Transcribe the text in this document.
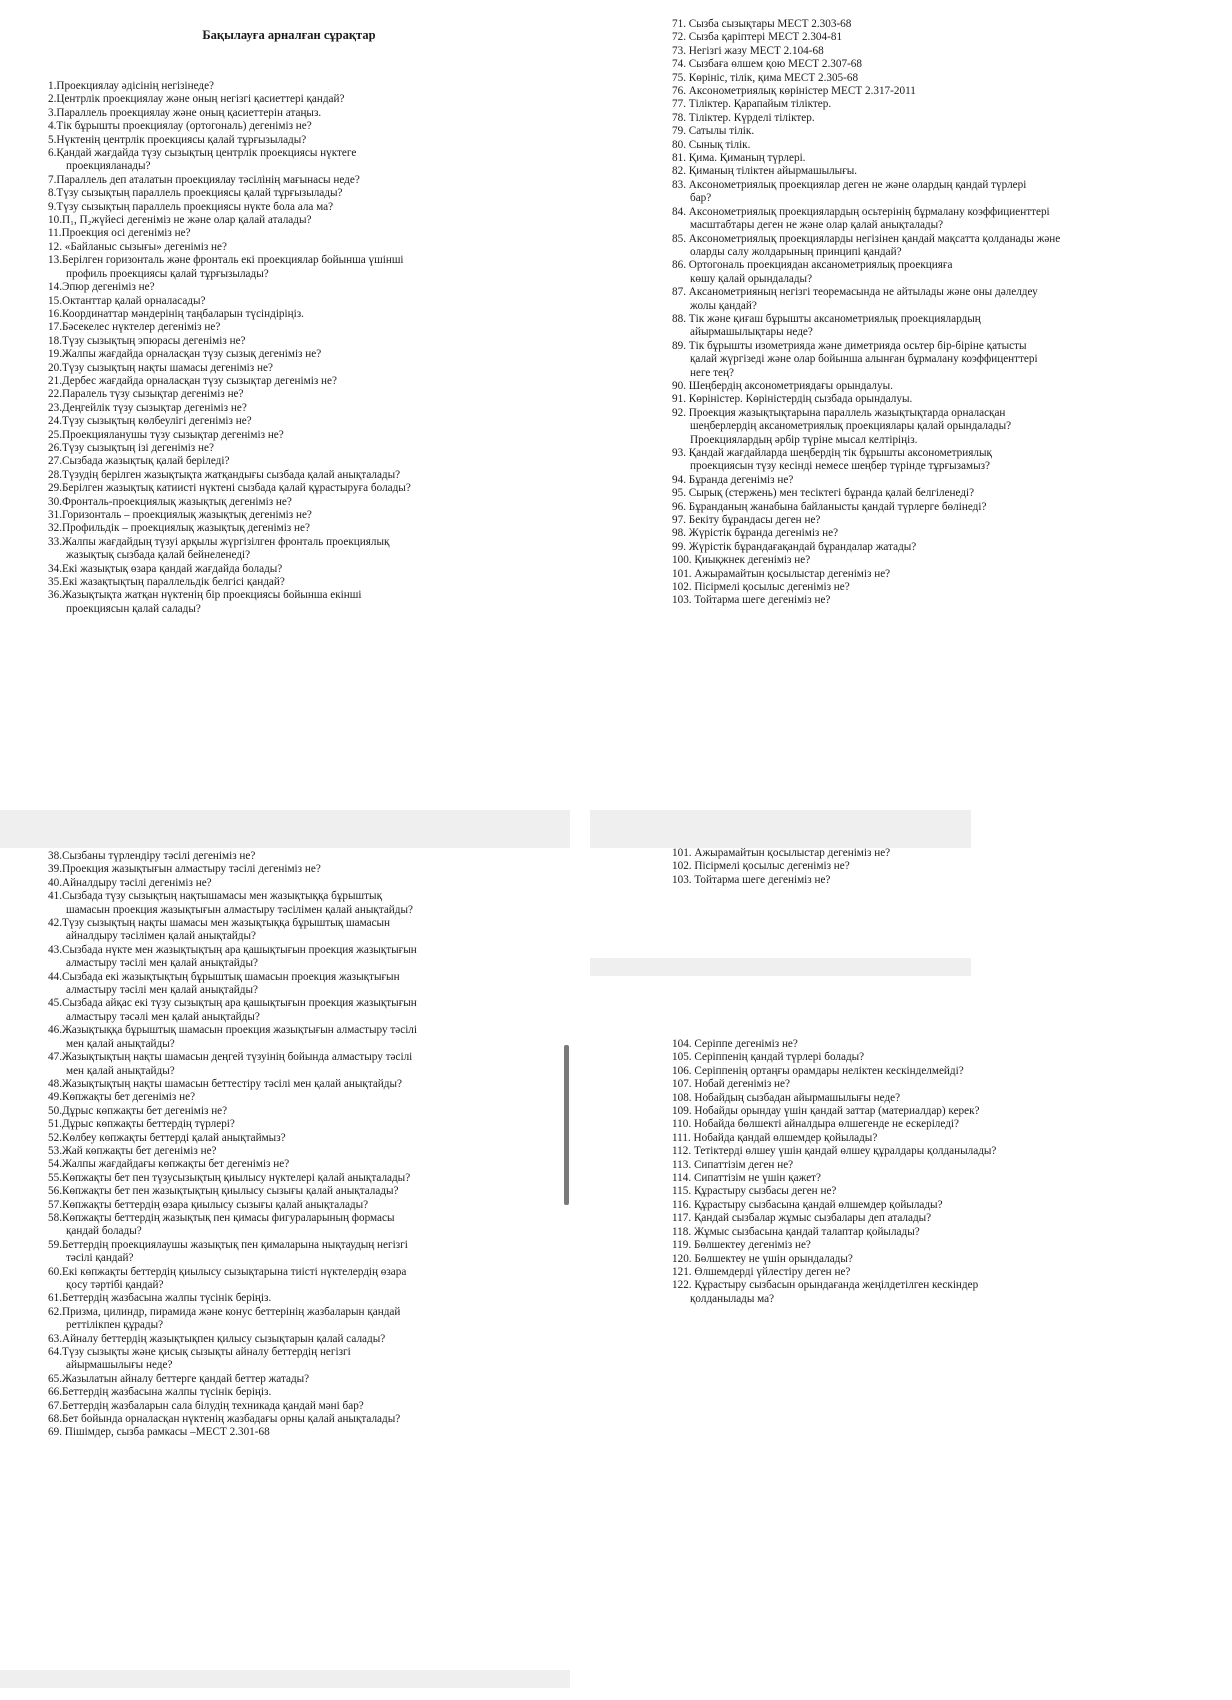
Бақылауға арналған сұрақтар
1.Проекциялау әдісінің негізінеде?
2.Центрлік проекциялау және оның негізгі қасиеттері қандай?
3.Параллель проекциялау және оның қасиеттерін атаңыз.
4.Тік бұрышты проекциялау (ортогональ) дегеніміз не?
5.Нүктенің центрлік проекциясы қалай тұрғызылады?
6.Қандай жағдайда түзу сызықтың центрлік проекциясы нүктеге
проекцияланады?
7.Параллель деп аталатын проекциялау тәсілінің мағынасы неде?
8.Түзу сызықтың параллель проекциясы қалай тұрғызылады?
9.Түзу сызықтың параллель проекциясы нүкте бола ала ма?
10.П₁, П₂жүйесі дегеніміз не және олар қалай аталады?
11.Проекция осі дегеніміз не?
12. «Байланыс сызығы» дегеніміз не?
13.Берілген горизонталь және фронталь екі проекциялар бойынша үшінші
профиль проекциясы қалай тұрғызылады?
14.Эпюр дегеніміз не?
15.Октанттар қалай орналасады?
16.Координаттар мәндерінің таңбаларын түсіндіріңіз.
17.Бәсекелес нүктелер дегеніміз не?
18.Түзу сызықтың эпюрасы дегеніміз не?
19.Жалпы жағдайда орналасқан түзу сызық дегеніміз не?
20.Түзу сызықтың нақты шамасы дегеніміз не?
21.Дербес жағдайда орналасқан түзу сызықтар дегеніміз не?
22.Паралель түзу сызықтар дегеніміз не?
23.Деңгейлік түзу сызықтар дегеніміз не?
24.Түзу сызықтың көлбеулігі дегеніміз не?
25.Проекцияланушы түзу сызықтар дегеніміз не?
26.Түзу сызықтың ізі дегеніміз не?
27.Сызбада жазықтық қалай беріледі?
28.Түзудің берілген жазықтықта жатқандығы сызбада қалай анықталады?
29.Берілген жазықтық катиисті нүктені сызбада қалай құрастыруға болады?
30.Фронталь-проекциялық жазықтық дегеніміз не?
31.Горизонталь – проекциялық жазықтық дегеніміз не?
32.Профильдік – проекциялық жазықтық дегеніміз не?
33.Жалпы жағдайдың түзуі арқылы жүргізілген фронталь проекциялық
жазықтық сызбада қалай бейнеленеді?
34.Екі жазықтық өзара қандай жағдайда болады?
35.Екі жазақтықтың параллельдік белгісі қандай?
36.Жазықтықта жатқан нүктенің бір проекциясы бойынша екінші
проекциясын қалай салады?
71. Сызба сызықтары МЕСТ 2.303-68
72. Сызба қаріптері МЕСТ 2.304-81
73. Негізгі жазу МЕСТ 2.104-68
74. Сызбаға өлшем қою МЕСТ 2.307-68
75. Көрініс, тілік, қима МЕСТ 2.305-68
76. Аксонометриялық көріністер МЕСТ 2.317-2011
77. Тіліктер. Қарапайым тіліктер.
78. Тіліктер. Күрделі тіліктер.
79. Сатылы тілік.
80. Сынық тілік.
81. Қима. Қиманың түрлері.
82. Қиманың тіліктен айырмашылығы.
83. Аксонометриялық проекциялар деген не және олардың қандай түрлері
бар?
84. Аксонометриялық проекциялардың осьтерінің бұрмалану коэффициенттері
масштабтары деген не және олар қалай анықталады?
85. Аксонометриялық проекцияларды негізінен қандай мақсатта қолданады және
оларды салу жолдарының принципі қандай?
86. Ортогональ проекциядан аксанометриялық проекцияға
көшу қалай орындалады?
87. Аксанометрияның негізгі теоремасында не айтылады және оны дәлелдеу
жолы қандай?
88. Тік және қиғаш бұрышты аксанометриялық проекциялардың
айырмашылықтары неде?
89. Тік бұрышты изометрияда және диметрияда осьтер бір-біріне қатысты
қалай жүргізеді және олар бойынша алынған бұрмалану коэффиценттері
неге тең?
90. Шеңбердің аксонометриядағы орындалуы.
91. Көріністер. Көріністердің сызбада орындалуы.
92. Проекция жазықтықтарына параллель жазықтықтарда орналасқан
шеңберлердің аксанометриялық проекциялары қалай орындалады?
Проекциялардың әрбір түріне мысал келтіріңіз.
93. Қандай жағдайларда шеңбердің тік бұрышты аксонометриялық
проекциясын түзу кесінді немесе шеңбер түрінде тұрғызамыз?
94. Бұранда дегеніміз не?
95. Сырық (стержень) мен тесіктегі бұранда қалай белгіленеді?
96. Бұранданың жанабына байланысты қандай түрлерге бөлінеді?
97. Бекіту бұрандасы деген не?
98. Жүрістік бұранда дегеніміз не?
99. Жүрістік бұрандағақандай бұрандалар жатады?
100. Қиықжнек дегеніміз не?
101. Ажырамайтын қосылыстар дегеніміз не?
102. Пісірмелі қосылыс дегеніміз не?
103. Тойтарма шеге дегеніміз не?
38.Сызбаны түрлендіру тәсілі дегеніміз не?
39.Проекция жазықтығын алмастыру тәсілі дегеніміз не?
40.Айналдыру тәсілі дегеніміз не?
41.Сызбада түзу сызықтың нақтышамасы мен жазықтыққа бұрыштық
шамасын проекция жазықтығын алмастыру тәсілімен қалай анықтайды?
42.Түзу сызықтың нақты шамасы мен жазықтыққа бұрыштық шамасын
айналдыру тәсілімен қалай анықтайды?
43.Сызбада нүкте мен жазықтықтың ара қашықтығын проекция жазықтығын
алмастыру тәсілі мен қалай анықтайды?
44.Сызбада екі жазықтықтың бұрыштық шамасын проекция жазықтығын
алмастыру тәсілі мен қалай анықтайды?
45.Сызбада айқас екі түзу сызықтың ара қашықтығын проекция жазықтығын
алмастыру тәсәлі мен қалай анықтайды?
46.Жазықтыққа бұрыштық шамасын проекция жазықтығын алмастыру тәсілі
мен қалай анықтайды?
47.Жазықтықтың нақты шамасын деңгей түзуінің бойында алмастыру тәсілі
мен қалай анықтайды?
48.Жазықтықтың нақты шамасын беттестіру тәсілі мен қалай анықтайды?
49.Көпжақты бет дегеніміз не?
50.Дұрыс көпжақты бет дегеніміз не?
51.Дұрыс көпжақты беттердің түрлері?
52.Көлбеу көпжақты беттерді қалай анықтаймыз?
53.Жай көпжақты бет дегеніміз не?
54.Жалпы жағдайдағы көпжақты бет дегеніміз не?
55.Көпжақты бет пен түзусызықтың қиылысу нүктелері қалай анықталады?
56.Көпжақты бет пен жазықтықтың қиылысу сызығы қалай анықталады?
57.Көпжақты беттердің өзара қиылысу сызығы қалай анықталады?
58.Көпжақты беттердің жазықтық пен қимасы фигураларының формасы
қандай болады?
59.Беттердің проекциялаушы жазықтық пен қималарына нықтаудың негізгі
тәсілі қандай?
60.Екі көпжақты беттердің қиылысу сызықтарына тиісті нүктелердің өзара
қосу тәртібі қандай?
61.Беттердің жазбасына жалпы түсінік беріңіз.
62.Призма, цилиндр, пирамида және конус беттерінің жазбаларын қандай
реттілікпен құрады?
63.Айналу беттердің жазықтықпен қилысу сызықтарын қалай салады?
64.Түзу сызықты және қисық сызықты айналу беттердің негізгі
айырмашылығы неде?
65.Жазылатын айналу беттерге қандай беттер жатады?
66.Беттердің жазбасына жалпы түсінік беріңіз.
67.Беттердің жазбаларын сала білудің техникада қандай мәні бар?
68.Бет бойында орналасқан нүктенің жазбадағы орны қалай анықталады?
69. Пішімдер, сызба рамкасы –МЕСТ 2.301-68
101. Ажырамайтын қосылыстар дегеніміз не?
102. Пісірмелі қосылыс дегеніміз не?
103. Тойтарма шеге дегеніміз не?
104. Серіппе дегеніміз не?
105. Серіппенің қандай түрлері болады?
106. Серіппенің ортаңғы орамдары неліктен кескінделмейді?
107. Нобай дегеніміз не?
108. Нобайдың сызбадан айырмашылығы неде?
109. Нобайды орындау үшін қандай заттар (материалдар) керек?
110. Нобайда бөлшекті айналдыра өлшегенде не ескеріледі?
111. Нобайда қандай өлшемдер қойылады?
112. Тетіктерді өлшеу үшін қандай өлшеу құралдары қолданылады?
113. Сипаттізім деген не?
114. Сипаттізім не үшін қажет?
115. Құрастыру сызбасы деген не?
116. Құрастыру сызбасына қандай өлшемдер қойылады?
117. Қандай сызбалар жұмыс сызбалары деп аталады?
118. Жұмыс сызбасына қандай талаптар қойылады?
119. Бөлшектеу дегеніміз не?
120. Бөлшектеу не үшін орындалады?
121. Өлшемдерді үйлестіру деген не?
122. Құрастыру сызбасын орындағанда жеңілдетілген кескіндер
қолданылады ма?
